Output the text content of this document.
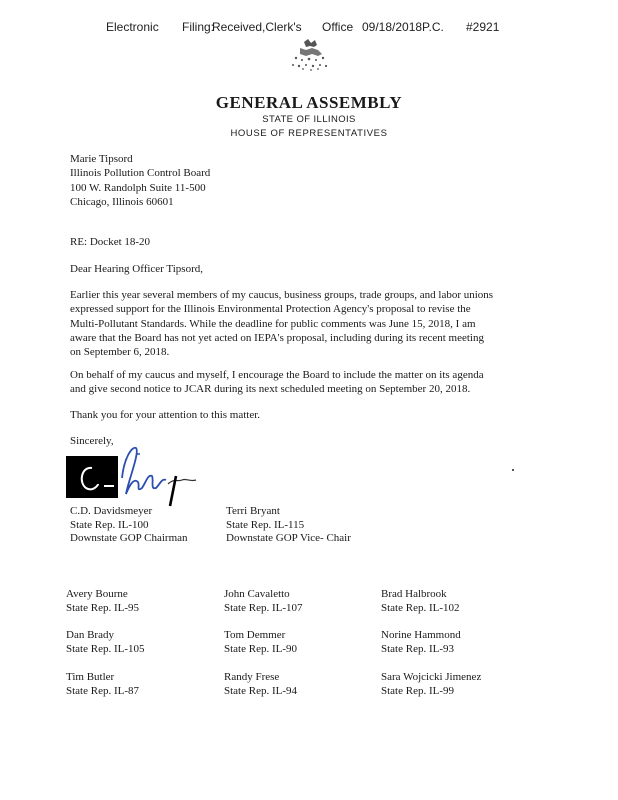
Electronic Filing:
Received,Clerk's Office 09/18/2018P.C. #2921
GENERAL ASSEMBLY
STATE OF ILLINOIS
HOUSE OF REPRESENTATIVES
Marie Tipsord
Illinois Pollution Control Board
100 W. Randolph Suite 11-500
Chicago, Illinois 60601
RE: Docket 18-20
Dear Hearing Officer Tipsord,
Earlier this year several members of my caucus, business groups, trade groups, and labor unions
expressed support for the Illinois Environmental Protection Agency's proposal to revise the
Multi-Pollutant Standards. While the deadline for public comments was June 15, 2018, I am
aware that the Board has not yet acted on IEPA's proposal, including during its recent meeting
on September 6, 2018.
On behalf of my caucus and myself, I encourage the Board to include the matter on its agenda
and give second notice to JCAR during its next scheduled meeting on September 20, 2018.
Thank you for your attention to this matter.
Sincerely,
C.D. Davidsmeyer
State Rep. IL-100
Downstate GOP Chairman
Terri Bryant
State Rep. IL-115
Downstate GOP Vice- Chair
Avery Bourne
State Rep. IL-95
John Cavaletto
State Rep. IL-107
Brad Halbrook
State Rep. IL-102
Dan Brady
State Rep. IL-105
Tom Demmer
State Rep. IL-90
Norine Hammond
State Rep. IL-93
Tim Butler
State Rep. IL-87
Randy Frese
State Rep. IL-94
Sara Wojcicki Jimenez
State Rep. IL-99
